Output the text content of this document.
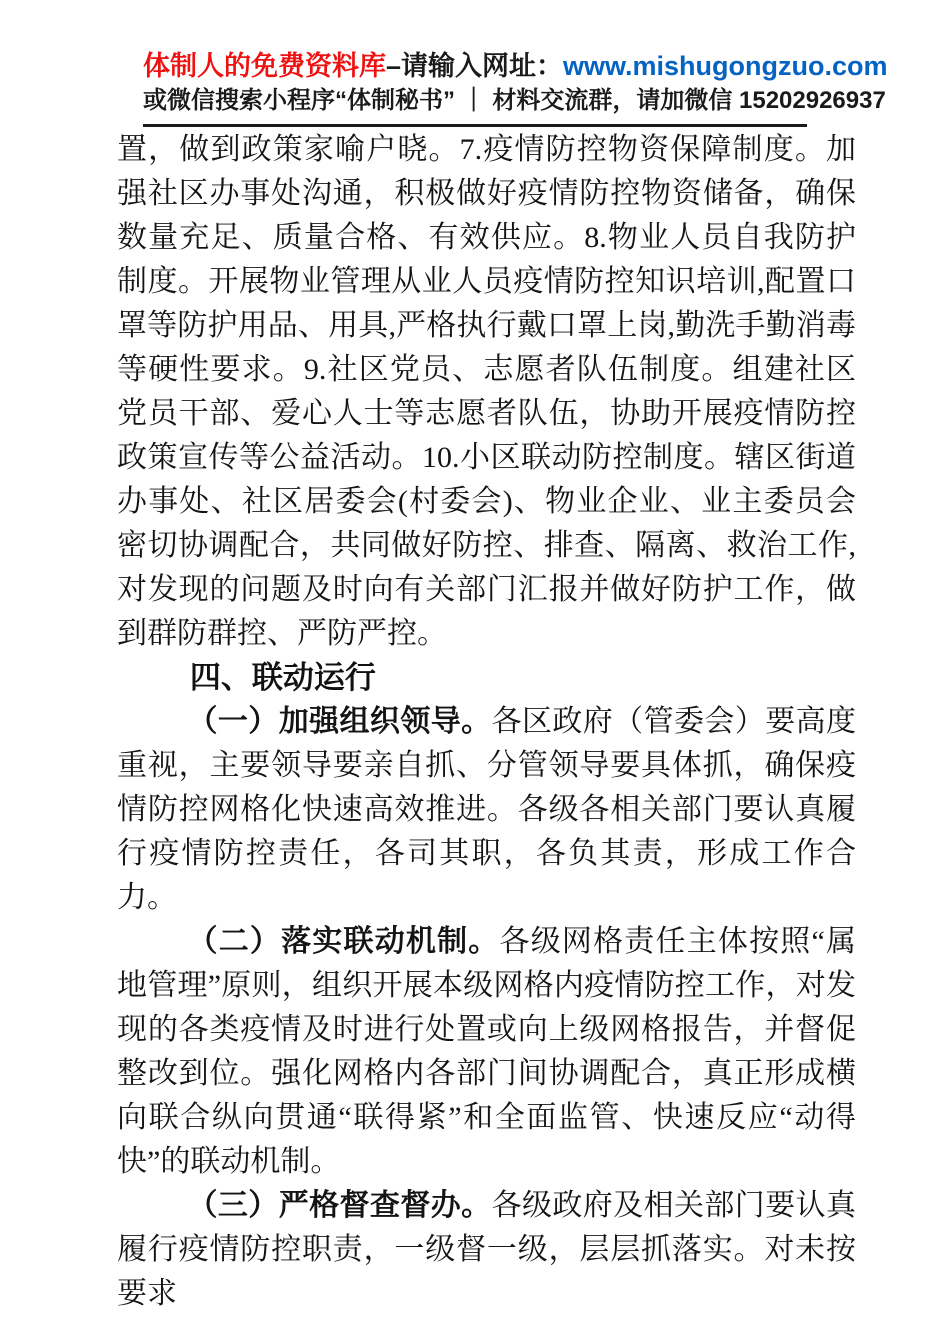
体制人的免费资料库–请输入网址：www.mishugongzuo.com
或微信搜索小程序“体制秘书” ｜ 材料交流群，请加微信 15202926937

置，做到政策家喻户晓。7.疫情防控物资保障制度。加强社区办事处沟通，积极做好疫情防控物资储备，确保数量充足、质量合格、有效供应。8.物业人员自我防护制度。开展物业管理从业人员疫情防控知识培训,配置口罩等防护用品、用具,严格执行戴口罩上岗,勤洗手勤消毒等硬性要求。9.社区党员、志愿者队伍制度。组建社区党员干部、爱心人士等志愿者队伍，协助开展疫情防控政策宣传等公益活动。10.小区联动防控制度。辖区街道办事处、社区居委会(村委会)、物业企业、业主委员会密切协调配合，共同做好防控、排查、隔离、救治工作,对发现的问题及时向有关部门汇报并做好防护工作，做到群防群控、严防严控。

四、联动运行

（一）加强组织领导。各区政府（管委会）要高度重视，主要领导要亲自抓、分管领导要具体抓，确保疫情防控网格化快速高效推进。各级各相关部门要认真履行疫情防控责任，各司其职，各负其责，形成工作合力。

（二）落实联动机制。各级网格责任主体按照“属地管理”原则，组织开展本级网格内疫情防控工作，对发现的各类疫情及时进行处置或向上级网格报告，并督促整改到位。强化网格内各部门间协调配合，真正形成横向联合纵向贯通“联得紧”和全面监管、快速反应“动得快”的联动机制。

（三）严格督查督办。各级政府及相关部门要认真履行疫情防控职责，一级督一级，层层抓落实。对未按要求
